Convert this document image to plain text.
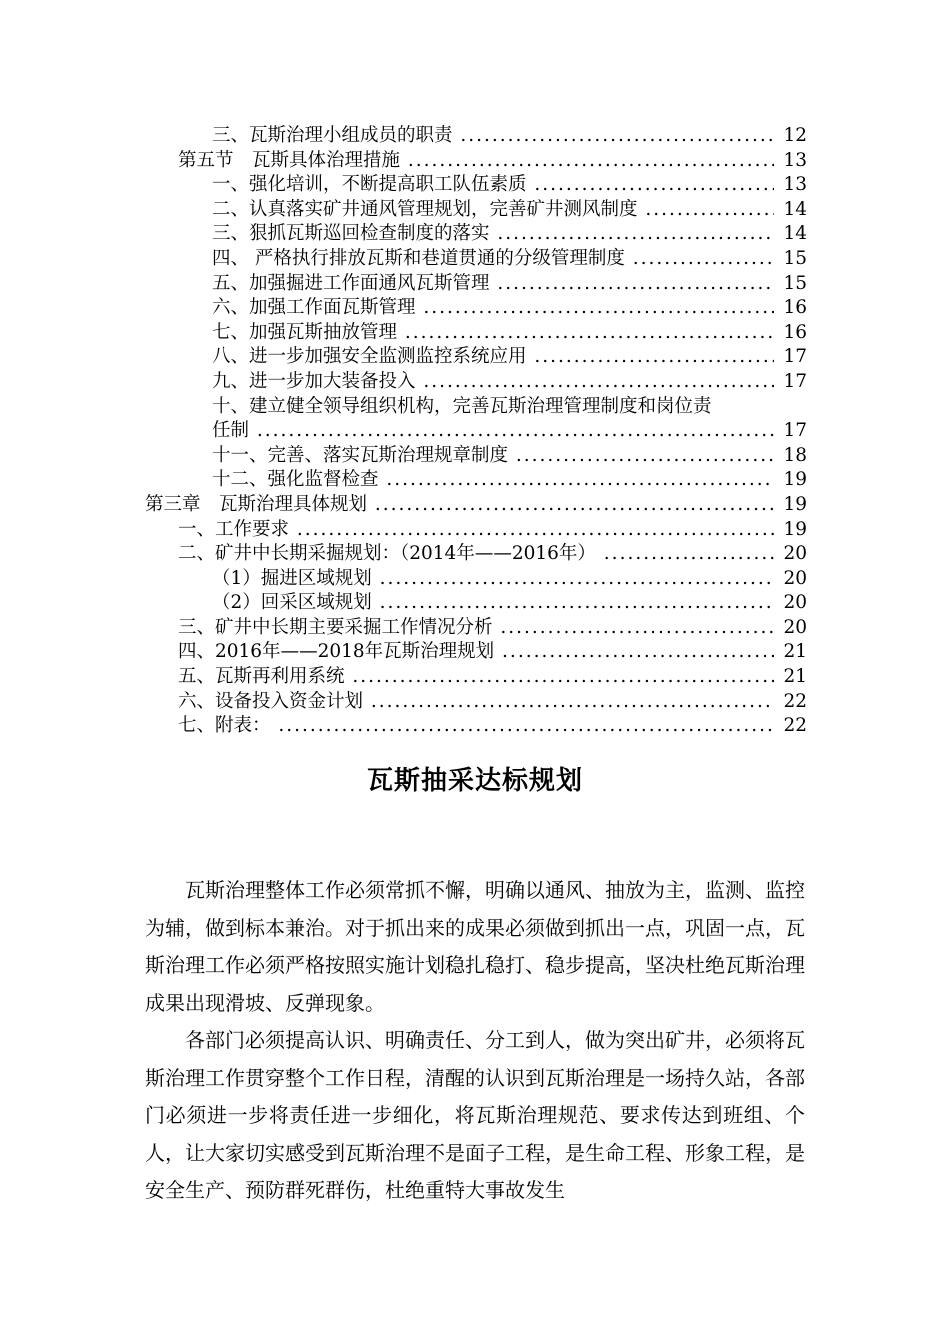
三、瓦斯治理小组成员的职责 .....	12
第五节　瓦斯具体治理措施 .....	13
一、强化培训，不断提高职工队伍素质 .....	13
二、认真落实矿井通风管理规划，完善矿井测风制度 .....	14
三、狠抓瓦斯巡回检查制度的落实 .....	14
四、 严格执行排放瓦斯和巷道贯通的分级管理制度 .....	15
五、加强掘进工作面通风瓦斯管理 .....	15
六、加强工作面瓦斯管理 .....	16
七、加强瓦斯抽放管理 .....	16
八、进一步加强安全监测监控系统应用 .....	17
九、进一步加大装备投入 .....	17
十、建立健全领导组织机构，完善瓦斯治理管理制度和岗位责
任制 .....	17
十一、完善、落实瓦斯治理规章制度 .....	18
十二、强化监督检查 .....	19
第三章　瓦斯治理具体规划 .....	19
一、工作要求 .....	19
二、矿井中长期采掘规划：（2014年——2016年） .....	20
（1）掘进区域规划 .....	20
（2）回采区域规划 .....	20
三、矿井中长期主要采掘工作情况分析 .....	20
四、2016年——2018年瓦斯治理规划 .....	21
五、瓦斯再利用系统 .....	21
六、设备投入资金计划 .....	22
七、附表： .....	22
瓦斯抽采达标规划

瓦斯治理整体工作必须常抓不懈，明确以通风、抽放为主，监测、监控为辅，做到标本兼治。对于抓出来的成果必须做到抓出一点，巩固一点，瓦斯治理工作必须严格按照实施计划稳扎稳打、稳步提高，坚决杜绝瓦斯治理成果出现滑坡、反弹现象。

各部门必须提高认识、明确责任、分工到人，做为突出矿井，必须将瓦斯治理工作贯穿整个工作日程，清醒的认识到瓦斯治理是一场持久站，各部门必须进一步将责任进一步细化，将瓦斯治理规范、要求传达到班组、个人，让大家切实感受到瓦斯治理不是面子工程，是生命工程、形象工程，是安全生产、预防群死群伤，杜绝重特大事故发生
